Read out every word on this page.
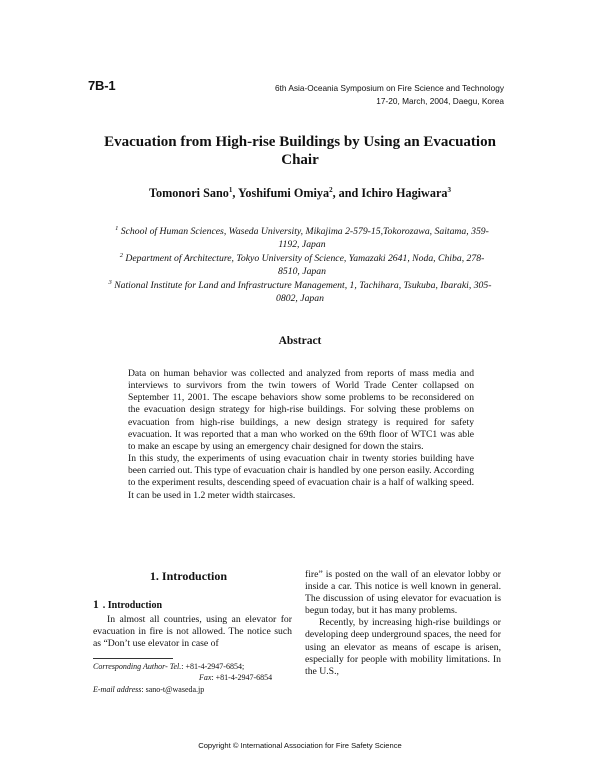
7B-1	6th Asia-Oceania Symposium on Fire Science and Technology
17-20, March, 2004, Daegu, Korea
Evacuation from High-rise Buildings by Using an Evacuation Chair
Tomonori Sano$^1$, Yoshifumi Omiya$^2$, and Ichiro Hagiwara$^3$
$^1$ School of Human Sciences, Waseda University, Mikajima 2-579-15,Tokorozawa, Saitama, 359-1192, Japan
$^2$ Department of Architecture, Tokyo University of Science, Yamazaki 2641, Noda, Chiba, 278-8510, Japan
$^3$ National Institute for Land and Infrastructure Management, 1, Tachihara, Tsukuba, Ibaraki, 305-0802, Japan
Abstract

Data on human behavior was collected and analyzed from reports of mass media and interviews to survivors from the twin towers of World Trade Center collapsed on September 11, 2001. The escape behaviors show some problems to be reconsidered on the evacuation design strategy for high-rise buildings. For solving these problems on evacuation from high-rise buildings, a new design strategy is required for safety evacuation. It was reported that a man who worked on the 69th floor of WTC1 was able to make an escape by using an emergency chair designed for down the stairs.

In this study, the experiments of using evacuation chair in twenty stories building have been carried out. This type of evacuation chair is handled by one person easily. According to the experiment results, descending speed of evacuation chair is a half of walking speed. It can be used in 1.2 meter width staircases.

1. Introduction
1 . Introduction

In almost all countries, using an elevator for evacuation in fire is not allowed. The notice such as “Don’t use elevator in case of

Corresponding Author- Tel.: +81-4-2947-6854;
Fax: +81-4-2947-6854
E-mail address: sano-t@waseda.jp

fire” is posted on the wall of an elevator lobby or inside a car. This notice is well known in general. The discussion of using elevator for evacuation is begun today, but it has many problems.

Recently, by increasing high-rise buildings or developing deep underground spaces, the need for using an elevator as means of escape is arisen, especially for people with mobility limitations. In the U.S.,

Copyright © International Association for Fire Safety Science
